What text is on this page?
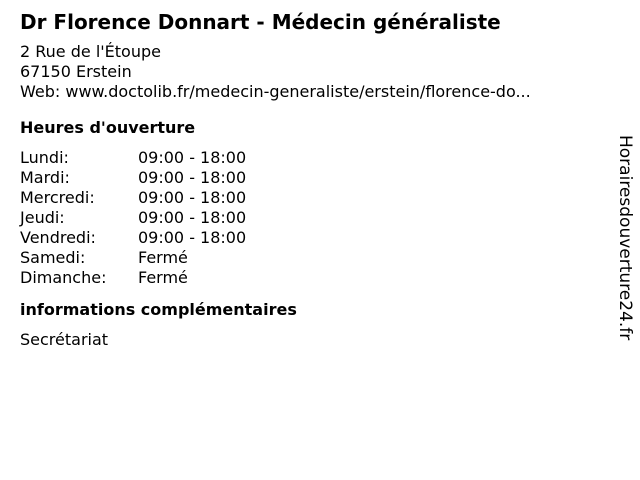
Dr Florence Donnart - Médecin généraliste
2 Rue de l'Étoupe
67150 Erstein
Web: www.doctolib.fr/medecin-generaliste/erstein/florence-do...
Heures d'ouverture
Lundi:	09:00 - 18:00
Mardi:	09:00 - 18:00
Mercredi:	09:00 - 18:00
Jeudi:	09:00 - 18:00
Vendredi:	09:00 - 18:00
Samedi:	Fermé
Dimanche:	Fermé
informations complémentaires
Secrétariat	Horairesdouverture24.fr
